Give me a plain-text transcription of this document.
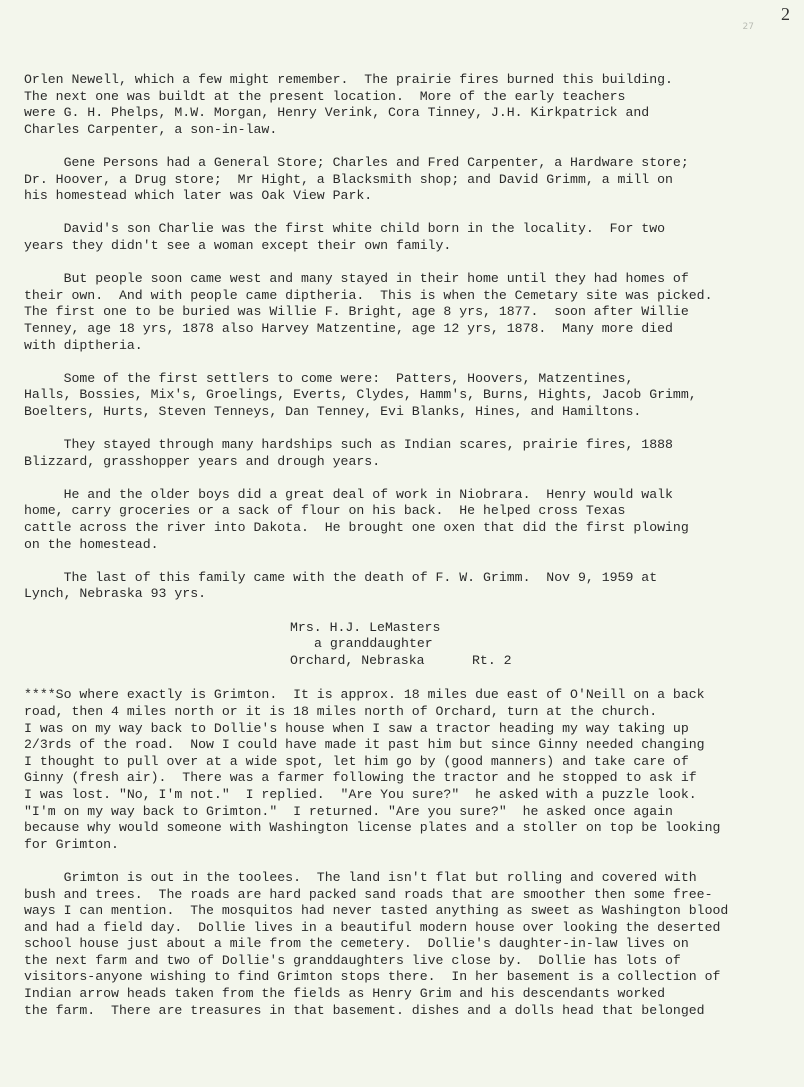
2
27
Orlen Newell, which a few might remember.  The prairie fires burned this building.
The next one was buildt at the present location.  More of the early teachers
were G. H. Phelps, M.W. Morgan, Henry Verink, Cora Tinney, J.H. Kirkpatrick and
Charles Carpenter, a son-in-law.
Gene Persons had a General Store; Charles and Fred Carpenter, a Hardware store;
Dr. Hoover, a Drug store;  Mr Hight, a Blacksmith shop; and David Grimm, a mill on
his homestead which later was Oak View Park.
David's son Charlie was the first white child born in the locality.  For two
years they didn't see a woman except their own family.
But people soon came west and many stayed in their home until they had homes of
their own.  And with people came diptheria.  This is when the Cemetary site was picked.
The first one to be buried was Willie F. Bright, age 8 yrs, 1877.  soon after Willie
Tenney, age 18 yrs, 1878 also Harvey Matzentine, age 12 yrs, 1878.  Many more died
with diptheria.
Some of the first settlers to come were:  Patters, Hoovers, Matzentines,
Halls, Bossies, Mix's, Groelings, Everts, Clydes, Hamm's, Burns, Hights, Jacob Grimm,
Boelters, Hurts, Steven Tenneys, Dan Tenney, Evi Blanks, Hines, and Hamiltons.
They stayed through many hardships such as Indian scares, prairie fires, 1888
Blizzard, grasshopper years and drough years.
He and the older boys did a great deal of work in Niobrara.  Henry would walk
home, carry groceries or a sack of flour on his back.  He helped cross Texas
cattle across the river into Dakota.  He brought one oxen that did the first plowing
on the homestead.
The last of this family came with the death of F. W. Grimm.  Nov 9, 1959 at
Lynch, Nebraska 93 yrs.
Mrs. H.J. LeMasters
a granddaughter
Orchard, Nebraska      Rt. 2
****So where exactly is Grimton.  It is approx. 18 miles due east of O'Neill on a back
road, then 4 miles north or it is 18 miles north of Orchard, turn at the church.
I was on my way back to Dollie's house when I saw a tractor heading my way taking up
2/3rds of the road.  Now I could have made it past him but since Ginny needed changing
I thought to pull over at a wide spot, let him go by (good manners) and take care of
Ginny (fresh air).  There was a farmer following the tractor and he stopped to ask if
I was lost. "No, I'm not."  I replied.  "Are You sure?"  he asked with a puzzle look.
"I'm on my way back to Grimton."  I returned. "Are you sure?"  he asked once again
because why would someone with Washington license plates and a stoller on top be looking
for Grimton.
Grimton is out in the toolees.  The land isn't flat but rolling and covered with
bush and trees.  The roads are hard packed sand roads that are smoother then some free-
ways I can mention.  The mosquitos had never tasted anything as sweet as Washington blood
and had a field day.  Dollie lives in a beautiful modern house over looking the deserted
school house just about a mile from the cemetery.  Dollie's daughter-in-law lives on
the next farm and two of Dollie's granddaughters live close by.  Dollie has lots of
visitors-anyone wishing to find Grimton stops there.  In her basement is a collection of
Indian arrow heads taken from the fields as Henry Grim and his descendants worked
the farm.  There are treasures in that basement. dishes and a dolls head that belonged
